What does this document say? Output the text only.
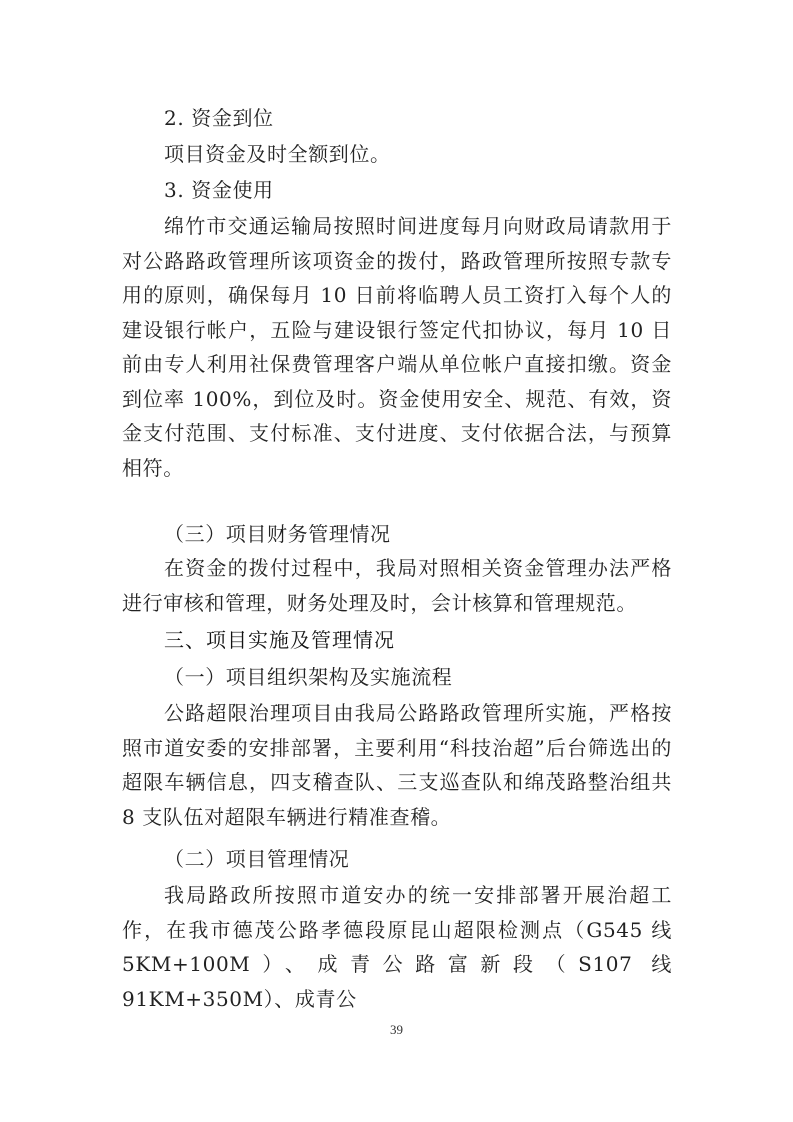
2. 资金到位
项目资金及时全额到位。
3. 资金使用
绵竹市交通运输局按照时间进度每月向财政局请款用于对公路路政管理所该项资金的拨付，路政管理所按照专款专用的原则，确保每月 10 日前将临聘人员工资打入每个人的建设银行帐户，五险与建设银行签定代扣协议，每月 10 日前由专人利用社保费管理客户端从单位帐户直接扣缴。资金到位率 100%，到位及时。资金使用安全、规范、有效，资金支付范围、支付标准、支付进度、支付依据合法，与预算相符。
（三）项目财务管理情况
在资金的拨付过程中，我局对照相关资金管理办法严格进行审核和管理，财务处理及时，会计核算和管理规范。
三、项目实施及管理情况
（一）项目组织架构及实施流程
公路超限治理项目由我局公路路政管理所实施，严格按照市道安委的安排部署，主要利用“科技治超”后台筛选出的超限车辆信息，四支稽查队、三支巡查队和绵茂路整治组共 8 支队伍对超限车辆进行精准查稽。
（二）项目管理情况
我局路政所按照市道安办的统一安排部署开展治超工作，在我市德茂公路孝德段原昆山超限检测点（G545 线 5KM+100M）、成青公路富新段（S107 线 91KM+350M）、成青公
39
